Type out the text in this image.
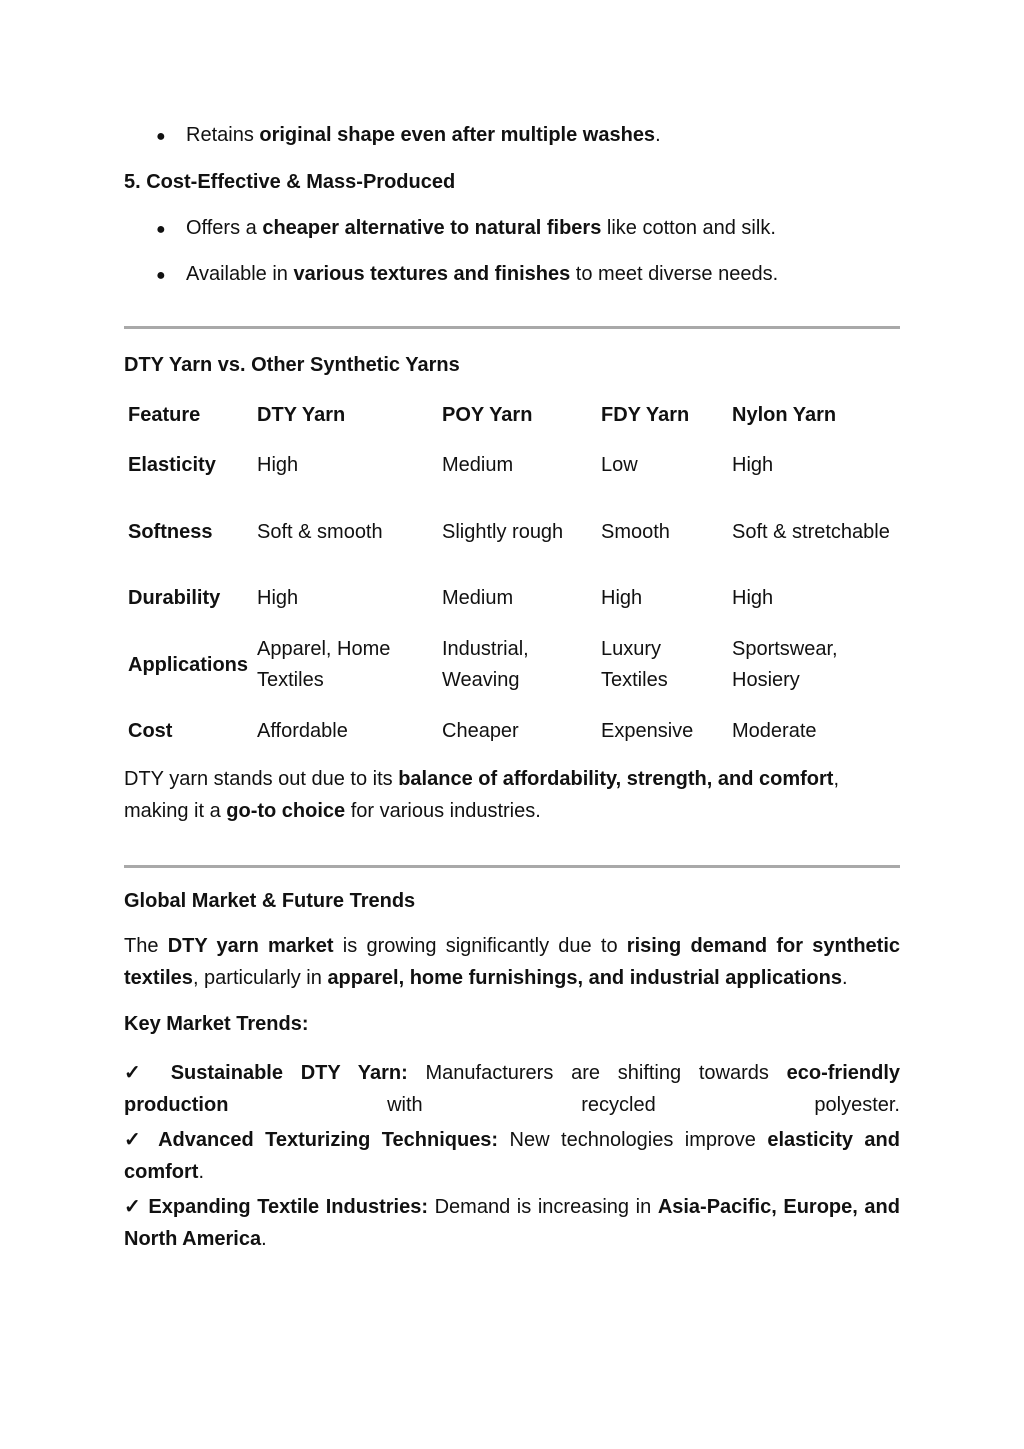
●	Retains original shape even after multiple washes.
5. Cost-Effective & Mass-Produced
●	Offers a cheaper alternative to natural fibers like cotton and silk.
●	Available in various textures and finishes to meet diverse needs.
DTY Yarn vs. Other Synthetic Yarns
Feature	DTY Yarn	POY Yarn	FDY Yarn	Nylon Yarn
Elasticity	High	Medium	Low	High
Softness	Soft & smooth	Slightly rough	Smooth	Soft & stretchable
Durability	High	Medium	High	High
Applications	Apparel, Home Textiles	Industrial, Weaving	Luxury Textiles	Sportswear, Hosiery
Cost	Affordable	Cheaper	Expensive	Moderate
DTY yarn stands out due to its balance of affordability, strength, and comfort, making it a go-to choice for various industries.
Global Market & Future Trends
The DTY yarn market is growing significantly due to rising demand for synthetic textiles, particularly in apparel, home furnishings, and industrial applications.
Key Market Trends:
✓ Sustainable DTY Yarn: Manufacturers are shifting towards eco-friendly production with recycled polyester.
✓ Advanced Texturizing Techniques: New technologies improve elasticity and comfort.
✓ Expanding Textile Industries: Demand is increasing in Asia-Pacific, Europe, and North America.
